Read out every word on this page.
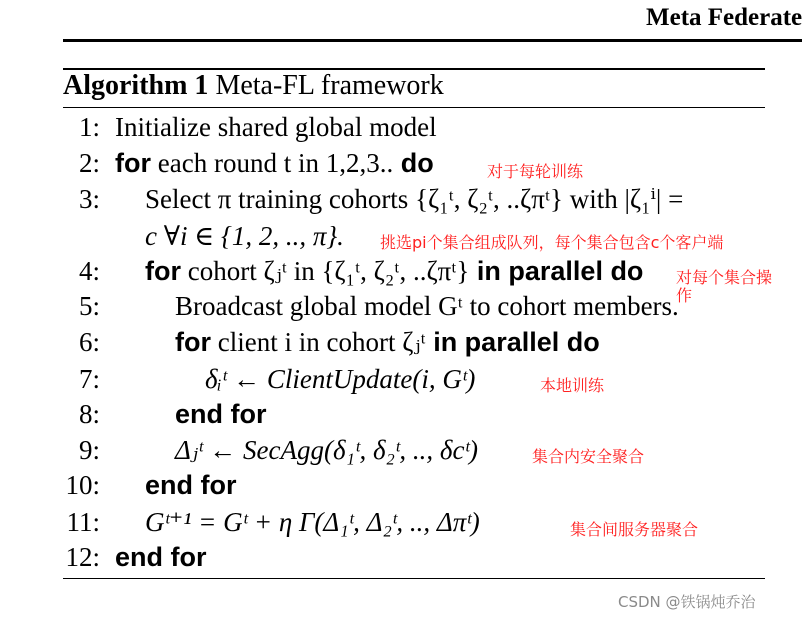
Meta Federate
Algorithm 1 Meta-FL framework
1: Initialize shared global model
2: for each round t in 1,2,3.. do
3: Select π training cohorts {ζ₁ᵗ, ζ₂ᵗ, ..ζπᵗ} with |ζ₁ⁱ| =
c ∀i ∈ {1, 2, .., π}.
4: for cohort ζⱼᵗ in {ζ₁ᵗ, ζ₂ᵗ, ..ζπᵗ} in parallel do
5:	Broadcast global model Gᵗ to cohort members.
6:	for client i in cohort ζⱼᵗ in parallel do
7:	δᵢᵗ ← ClientUpdate(i, Gᵗ)
8:	end for
9:	Δⱼᵗ ← SecAgg(δ₁ᵗ, δ₂ᵗ, .., δcᵗ)
10: end for
11: Gᵗ⁺¹ = Gᵗ + η Γ(Δ₁ᵗ, Δ₂ᵗ, .., Δπᵗ)
12: end for
对于每轮训练
挑选pi个集合组成队列，每个集合包含c个客户端
对每个集合操
作
本地训练
集合内安全聚合
集合间服务器聚合
CSDN @铁锅炖乔治
